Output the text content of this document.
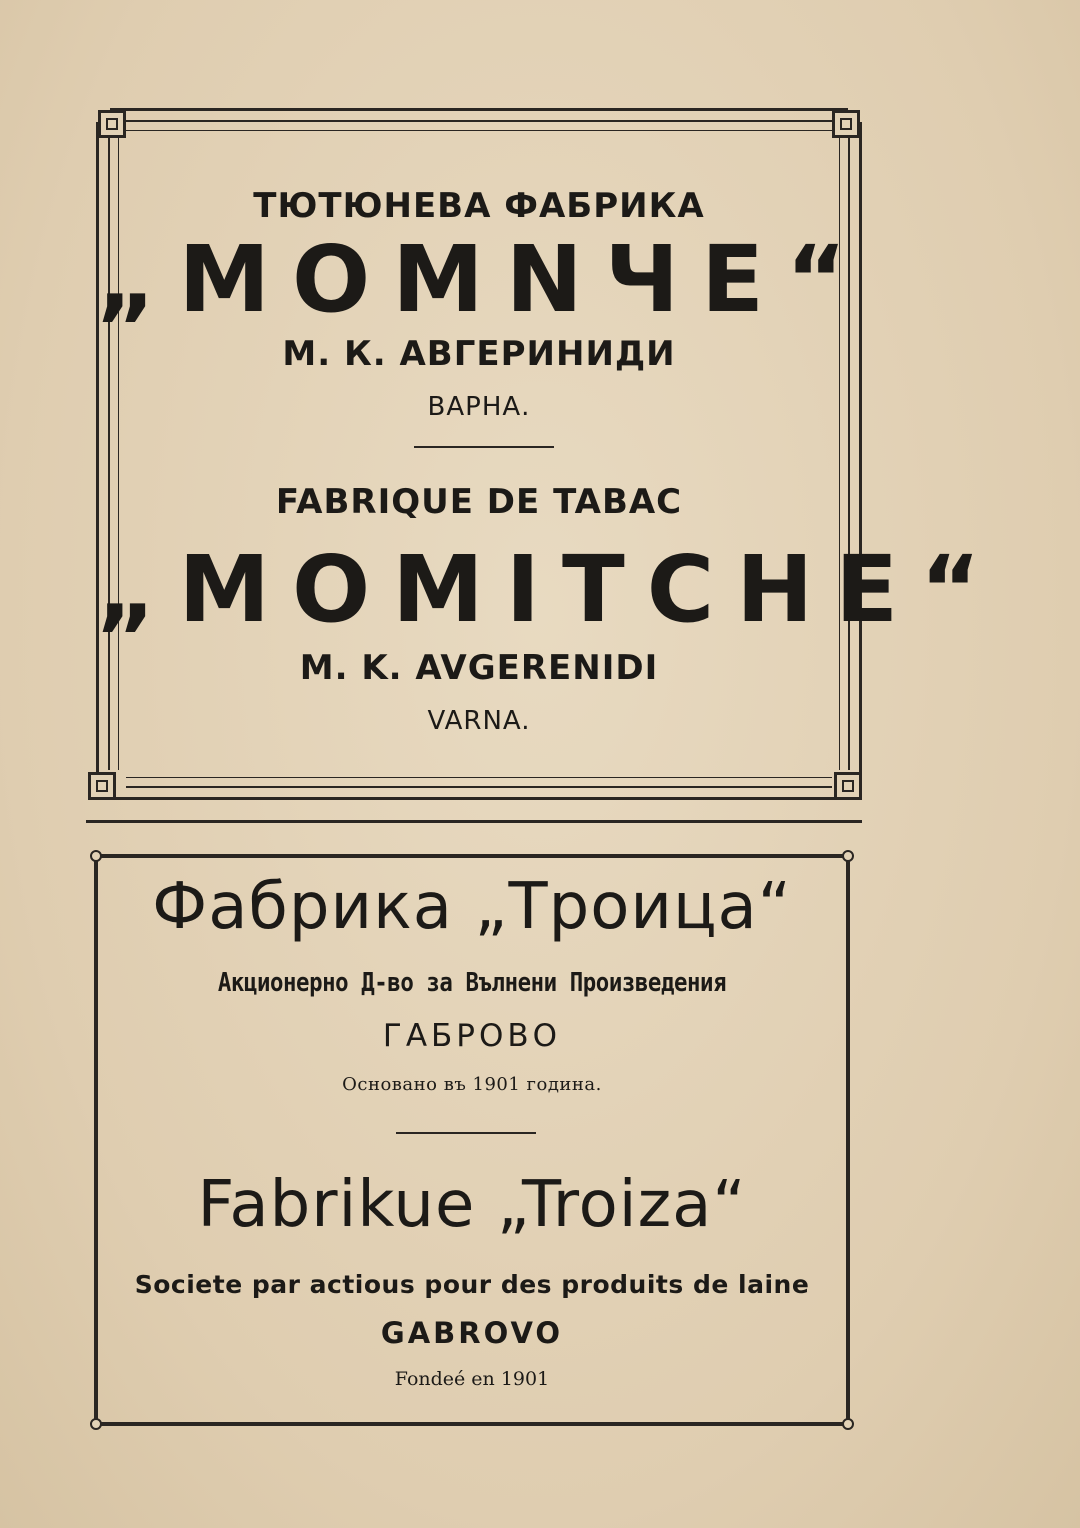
ТЮТЮНЕВА ФАБРИКА
„МОМNЧЕ“
М. К. АВГЕРИНИДИ
ВАРНА.
FABRIQUE DE TABAC
„MOMITCHE“
M. K. AVGERENIDI
VARNA.
Фабрика „Троица“
Акционерно Д-во за Вълнени Произведения
ГАБРОВО
Основано въ 1901 година.
Fabrikue „Troiza“
Societe par actious pour des produits de laine
GABROVO
Fondeé en 1901
